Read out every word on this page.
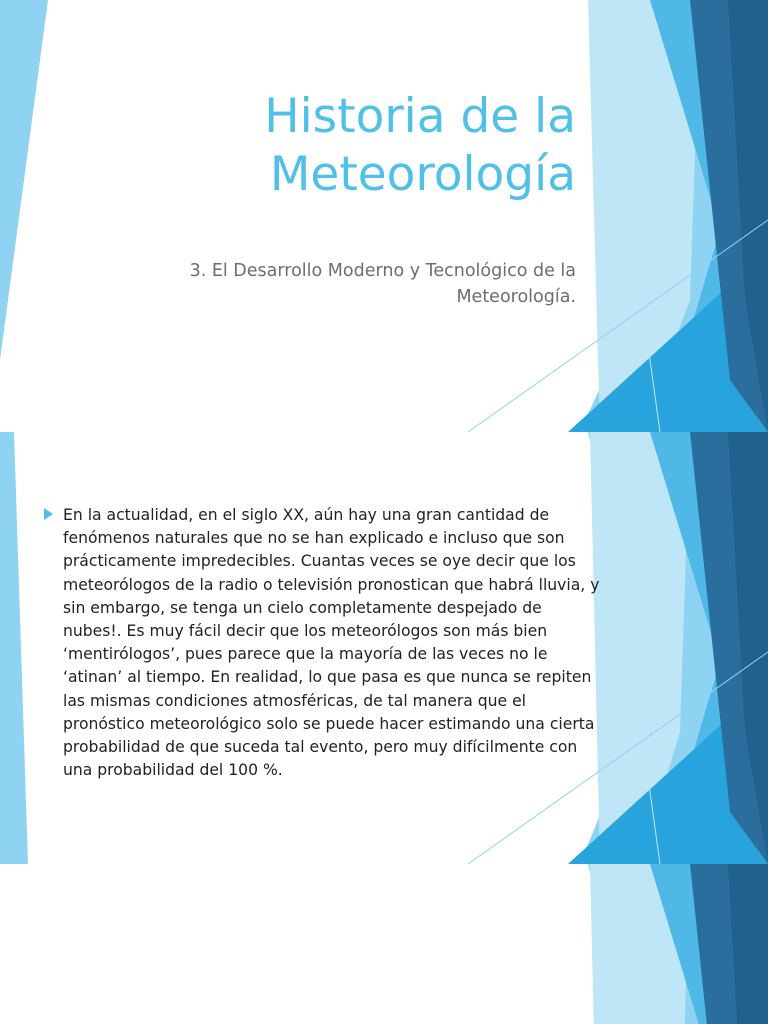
Historia de la Meteorología

3. El Desarrollo Moderno y Tecnológico de la Meteorología.

En la actualidad, en el siglo XX, aún hay una gran cantidad de fenómenos naturales que no se han explicado e incluso que son prácticamente impredecibles. Cuantas veces se oye decir que los meteorólogos de la radio o televisión pronostican que habrá lluvia, y sin embargo, se tenga un cielo completamente despejado de nubes!. Es muy fácil decir que los meteorólogos son más bien ‘mentirólogos’, pues parece que la mayoría de las veces no le ‘atinan’ al tiempo. En realidad, lo que pasa es que nunca se repiten las mismas condiciones atmosféricas, de tal manera que el pronóstico meteorológico solo se puede hacer estimando una cierta probabilidad de que suceda tal evento, pero muy difícilmente con una probabilidad del 100 %.
